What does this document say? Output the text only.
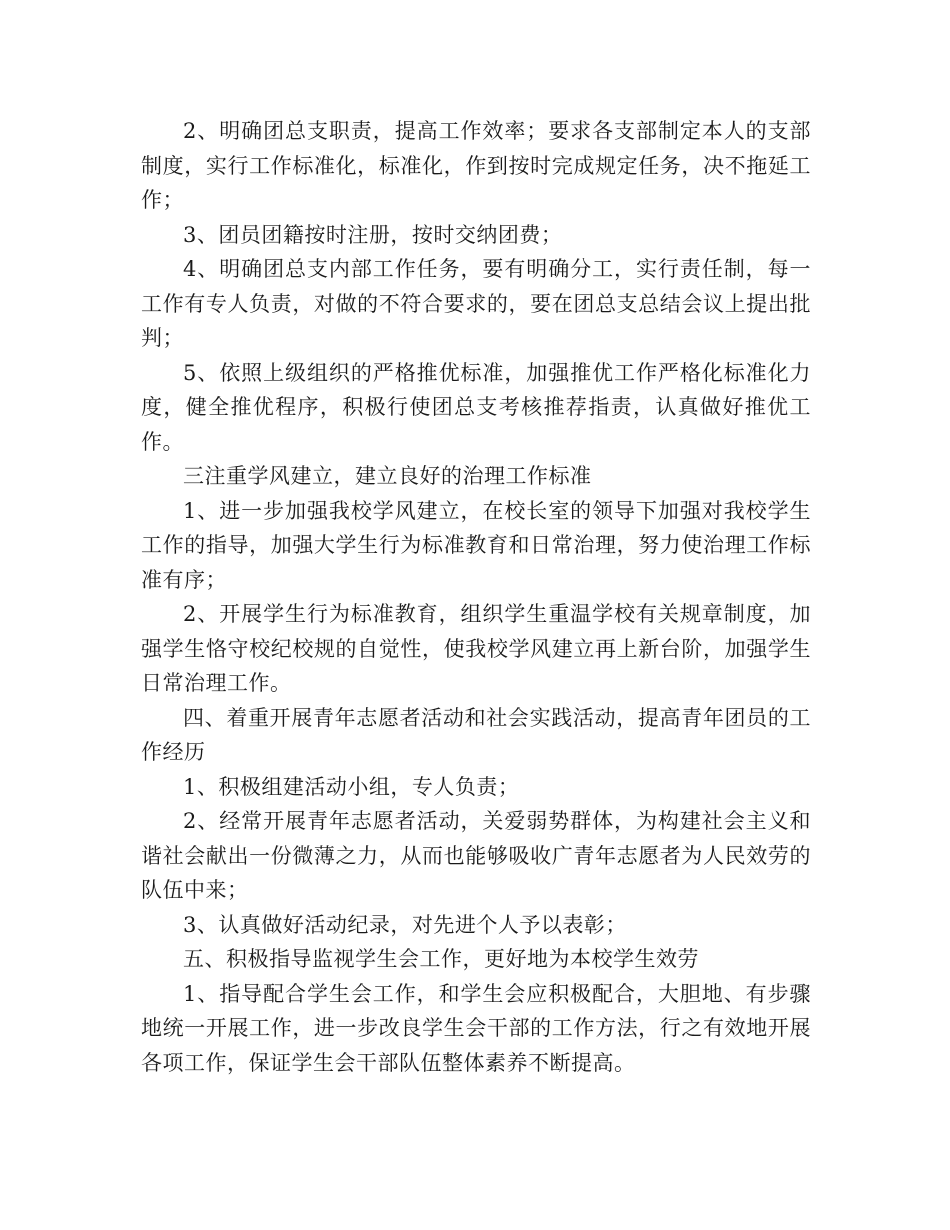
2、明确团总支职责，提高工作效率；要求各支部制定本人的支部制度，实行工作标准化，标准化，作到按时完成规定任务，决不拖延工作；

3、团员团籍按时注册，按时交纳团费；

4、明确团总支内部工作任务，要有明确分工，实行责任制，每一工作有专人负责，对做的不符合要求的，要在团总支总结会议上提出批判；

5、依照上级组织的严格推优标准，加强推优工作严格化标准化力度，健全推优程序，积极行使团总支考核推荐指责，认真做好推优工作。

三注重学风建立，建立良好的治理工作标准

1、进一步加强我校学风建立，在校长室的领导下加强对我校学生工作的指导，加强大学生行为标准教育和日常治理，努力使治理工作标准有序；

2、开展学生行为标准教育，组织学生重温学校有关规章制度，加强学生恪守校纪校规的自觉性，使我校学风建立再上新台阶，加强学生日常治理工作。

四、着重开展青年志愿者活动和社会实践活动，提高青年团员的工作经历

1、积极组建活动小组，专人负责；

2、经常开展青年志愿者活动，关爱弱势群体，为构建社会主义和谐社会献出一份微薄之力，从而也能够吸收广青年志愿者为人民效劳的队伍中来；

3、认真做好活动纪录，对先进个人予以表彰；

五、积极指导监视学生会工作，更好地为本校学生效劳

1、指导配合学生会工作，和学生会应积极配合，大胆地、有步骤地统一开展工作，进一步改良学生会干部的工作方法，行之有效地开展各项工作，保证学生会干部队伍整体素养不断提高。
